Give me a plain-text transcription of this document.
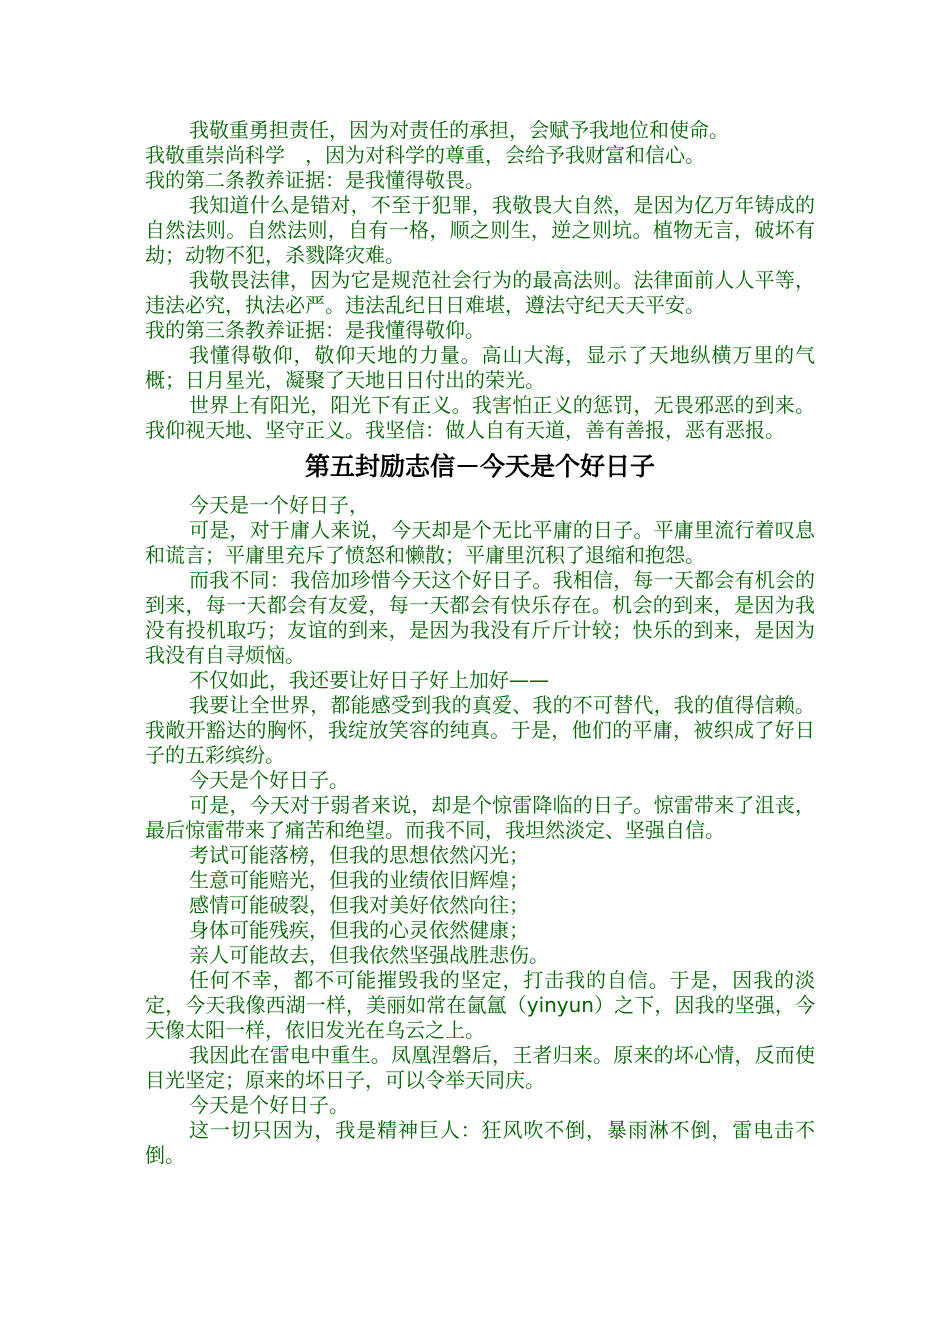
我敬重勇担责任，因为对责任的承担，会赋予我地位和使命。

我敬重崇尚科学　，因为对科学的尊重，会给予我财富和信心。

我的第二条教养证据：是我懂得敬畏。

我知道什么是错对，不至于犯罪，我敬畏大自然，是因为亿万年铸成的自然法则。自然法则，自有一格，顺之则生，逆之则坑。植物无言，破坏有劫；动物不犯，杀戮降灾难。

我敬畏法律，因为它是规范社会行为的最高法则。法律面前人人平等，违法必究，执法必严。违法乱纪日日难堪，遵法守纪天天平安。

我的第三条教养证据：是我懂得敬仰。

我懂得敬仰，敬仰天地的力量。高山大海，显示了天地纵横万里的气概；日月星光，凝聚了天地日日付出的荣光。

世界上有阳光，阳光下有正义。我害怕正义的惩罚，无畏邪恶的到来。我仰视天地、坚守正义。我坚信：做人自有天道，善有善报，恶有恶报。

第五封励志信－今天是个好日子

今天是一个好日子，

可是，对于庸人来说，今天却是个无比平庸的日子。平庸里流行着叹息和谎言；平庸里充斥了愤怒和懒散；平庸里沉积了退缩和抱怨。

而我不同：我倍加珍惜今天这个好日子。我相信，每一天都会有机会的到来，每一天都会有友爱，每一天都会有快乐存在。机会的到来，是因为我没有投机取巧；友谊的到来，是因为我没有斤斤计较；快乐的到来，是因为我没有自寻烦恼。

不仅如此，我还要让好日子好上加好——

我要让全世界，都能感受到我的真爱、我的不可替代，我的值得信赖。我敞开豁达的胸怀，我绽放笑容的纯真。于是，他们的平庸，被织成了好日子的五彩缤纷。

今天是个好日子。

可是，今天对于弱者来说，却是个惊雷降临的日子。惊雷带来了沮丧，最后惊雷带来了痛苦和绝望。而我不同，我坦然淡定、坚强自信。

考试可能落榜，但我的思想依然闪光；

生意可能赔光，但我的业绩依旧辉煌；

感情可能破裂，但我对美好依然向往；

身体可能残疾，但我的心灵依然健康；

亲人可能故去，但我依然坚强战胜悲伤。

任何不幸，都不可能摧毁我的坚定，打击我的自信。于是，因我的淡定，今天我像西湖一样，美丽如常在氤氲（yinyun）之下，因我的坚强，今天像太阳一样，依旧发光在乌云之上。

我因此在雷电中重生。凤凰涅磐后，王者归来。原来的坏心情，反而使目光坚定；原来的坏日子，可以令举天同庆。

今天是个好日子。

这一切只因为，我是精神巨人：狂风吹不倒，暴雨淋不倒，雷电击不倒。
